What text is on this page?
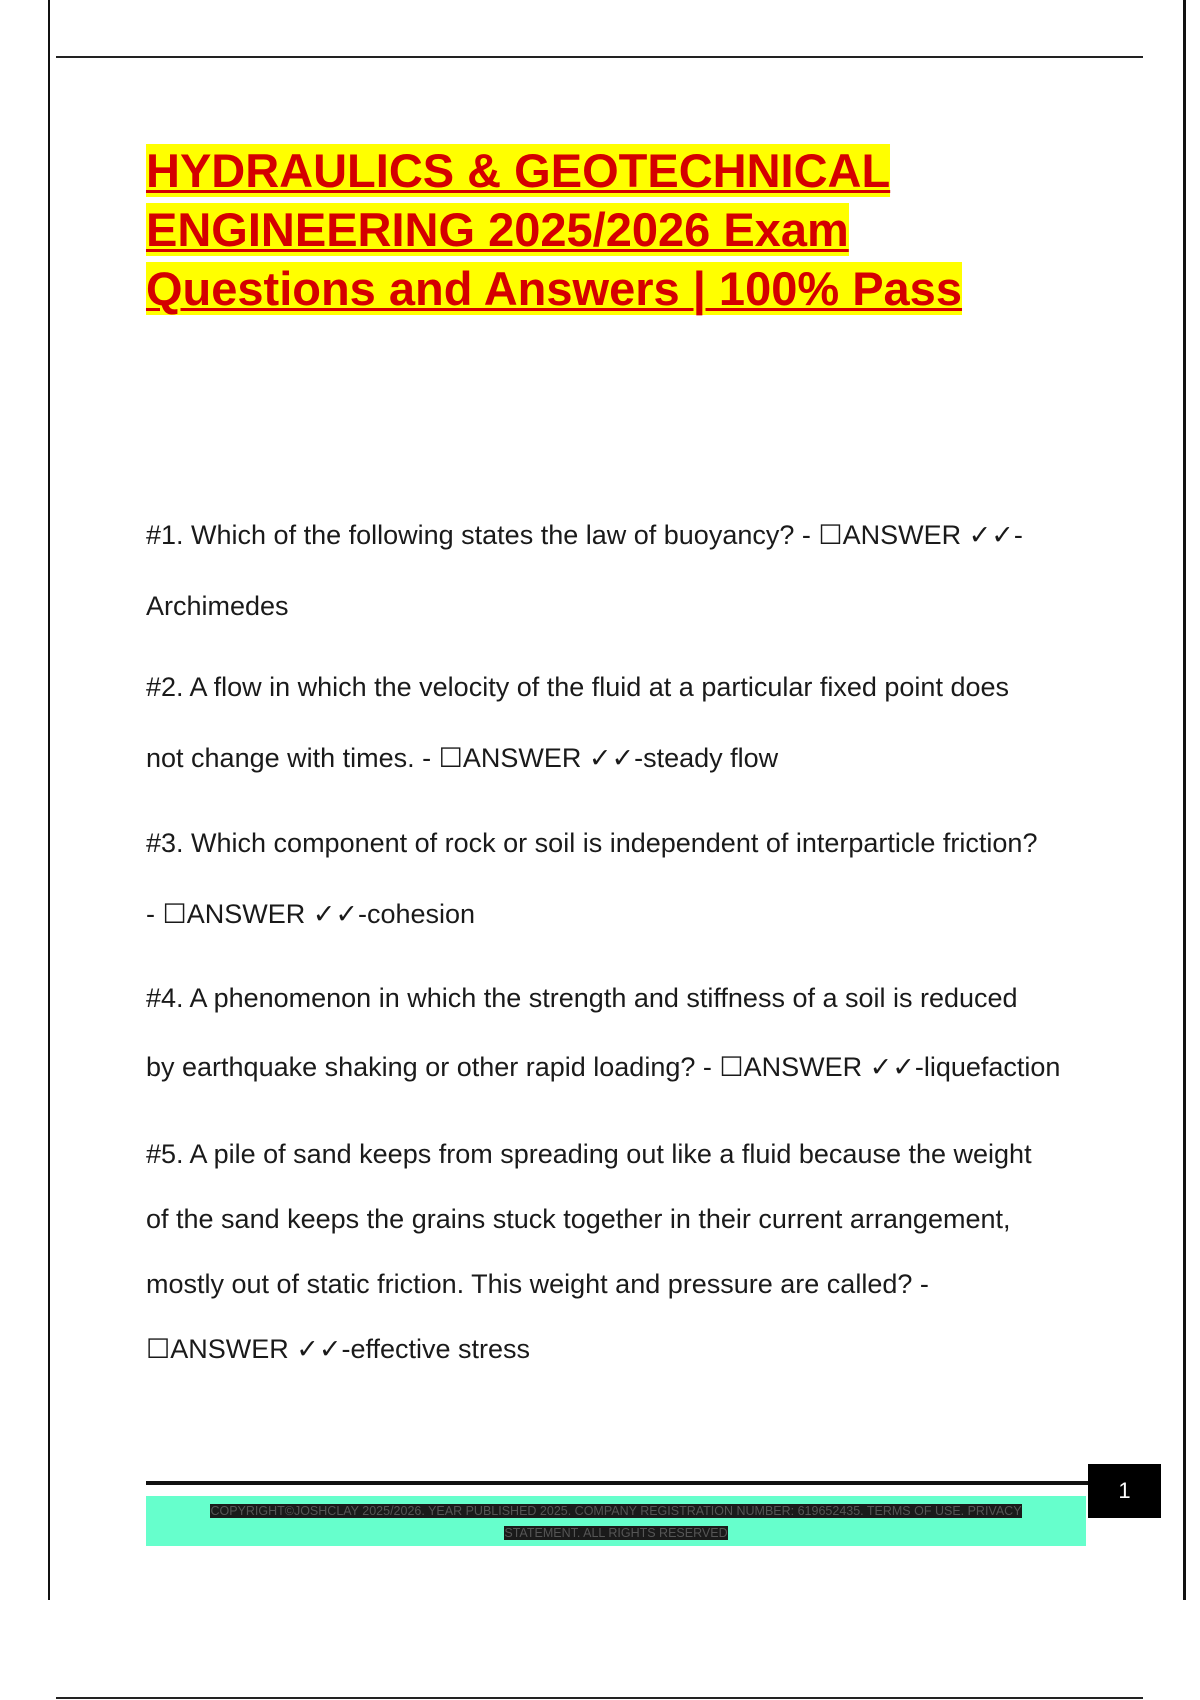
HYDRAULICS & GEOTECHNICAL
ENGINEERING 2025/2026 Exam
Questions and Answers | 100% Pass
#1. Which of the following states the law of buoyancy? - ☐ANSWER ✓✓-
Archimedes
#2. A flow in which the velocity of the fluid at a particular fixed point does
not change with times. - ☐ANSWER ✓✓-steady flow
#3. Which component of rock or soil is independent of interparticle friction?
- ☐ANSWER ✓✓-cohesion
#4. A phenomenon in which the strength and stiffness of a soil is reduced
by earthquake shaking or other rapid loading? - ☐ANSWER ✓✓-liquefaction
#5. A pile of sand keeps from spreading out like a fluid because the weight
of the sand keeps the grains stuck together in their current arrangement,
mostly out of static friction. This weight and pressure are called? -
☐ANSWER ✓✓-effective stress
1
COPYRIGHT©JOSHCLAY 2025/2026. YEAR PUBLISHED 2025. COMPANY REGISTRATION NUMBER: 619652435. TERMS OF USE. PRIVACY
STATEMENT. ALL RIGHTS RESERVED
